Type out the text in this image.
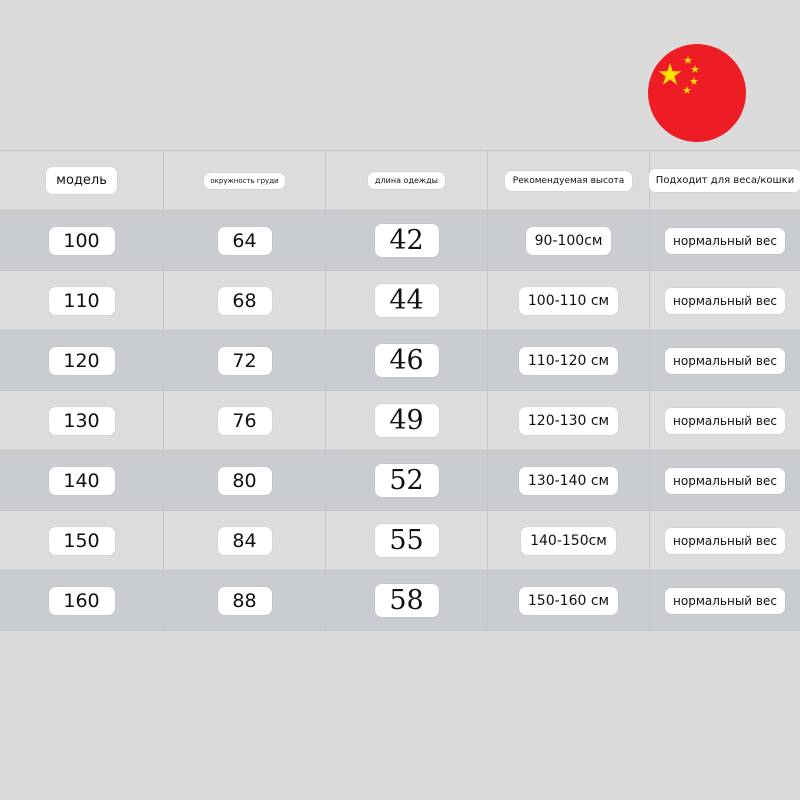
модель	окружность груди	длина одежды	Рекомендуемая высота	Подходит для веса/кошки
100	64	42	90-100см	нормальный вес
110	68	44	100-110 см	нормальный вес
120	72	46	110-120 см	нормальный вес
130	76	49	120-130 см	нормальный вес
140	80	52	130-140 см	нормальный вес
150	84	55	140-150см	нормальный вес
160	88	58	150-160 см	нормальный вес
